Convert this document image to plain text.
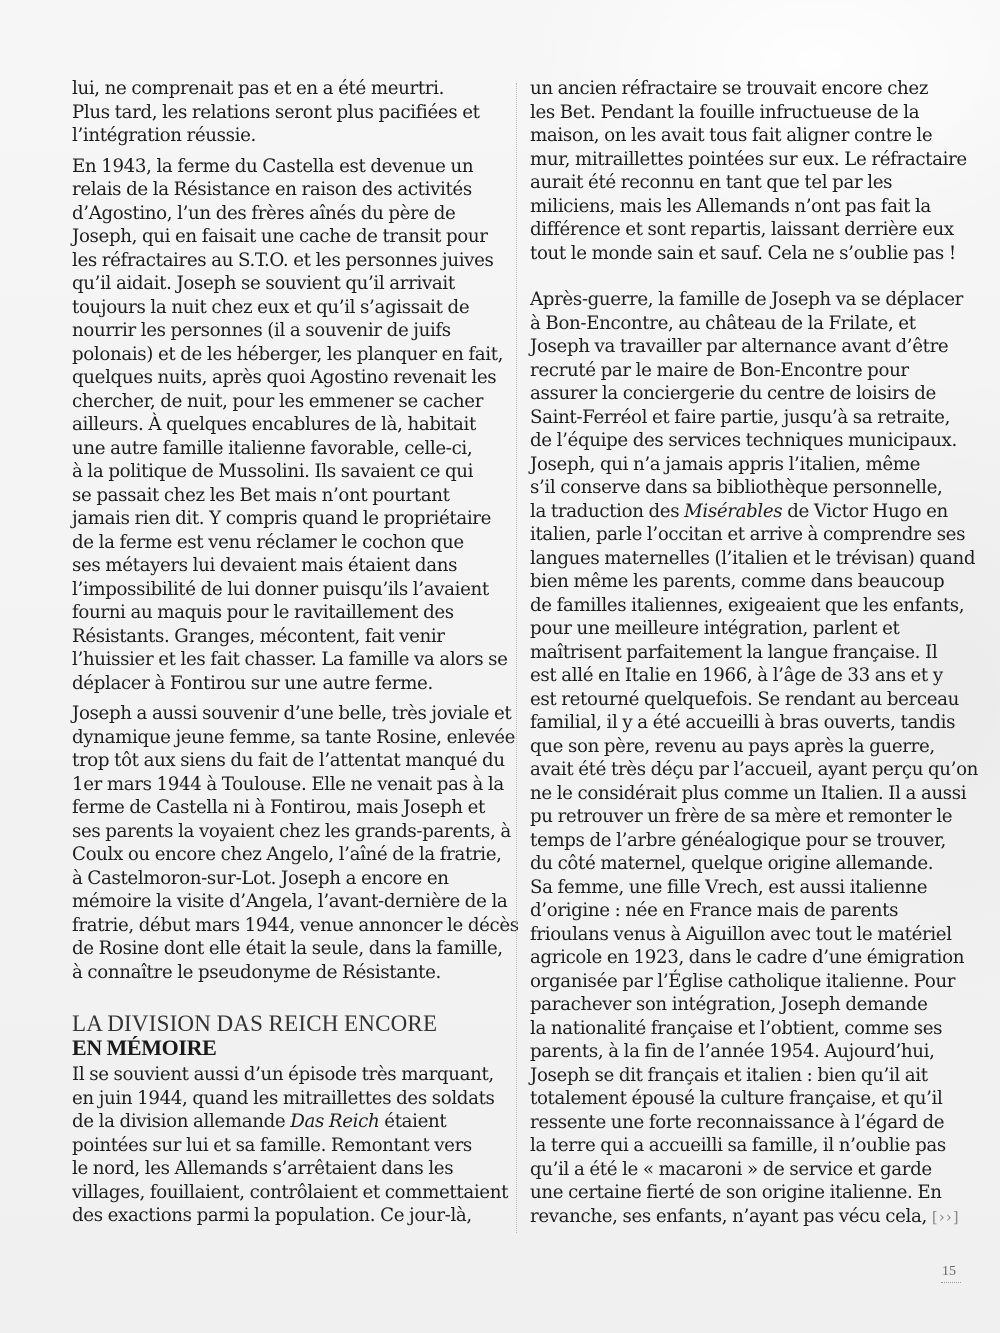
lui, ne comprenait pas et en a été meurtri.
Plus tard, les relations seront plus pacifiées et
l’intégration réussie.
En 1943, la ferme du Castella est devenue un
relais de la Résistance en raison des activités
d’Agostino, l’un des frères aînés du père de
Joseph, qui en faisait une cache de transit pour
les réfractaires au S.T.O. et les personnes juives
qu’il aidait. Joseph se souvient qu’il arrivait
toujours la nuit chez eux et qu’il s’agissait de
nourrir les personnes (il a souvenir de juifs
polonais) et de les héberger, les planquer en fait,
quelques nuits, après quoi Agostino revenait les
chercher, de nuit, pour les emmener se cacher
ailleurs. À quelques encablures de là, habitait
une autre famille italienne favorable, celle-ci,
à la politique de Mussolini. Ils savaient ce qui
se passait chez les Bet mais n’ont pourtant
jamais rien dit. Y compris quand le propriétaire
de la ferme est venu réclamer le cochon que
ses métayers lui devaient mais étaient dans
l’impossibilité de lui donner puisqu’ils l’avaient
fourni au maquis pour le ravitaillement des
Résistants. Granges, mécontent, fait venir
l’huissier et les fait chasser. La famille va alors se
déplacer à Fontirou sur une autre ferme.
Joseph a aussi souvenir d’une belle, très joviale et
dynamique jeune femme, sa tante Rosine, enlevée
trop tôt aux siens du fait de l’attentat manqué du
1er mars 1944 à Toulouse. Elle ne venait pas à la
ferme de Castella ni à Fontirou, mais Joseph et
ses parents la voyaient chez les grands-parents, à
Coulx ou encore chez Angelo, l’aîné de la fratrie,
à Castelmoron-sur-Lot. Joseph a encore en
mémoire la visite d’Angela, l’avant-dernière de la
fratrie, début mars 1944, venue annoncer le décès
de Rosine dont elle était la seule, dans la famille,
à connaître le pseudonyme de Résistante.
LA DIVISION DAS REICH ENCORE
EN MÉMOIRE
Il se souvient aussi d’un épisode très marquant,
en juin 1944, quand les mitraillettes des soldats
de la division allemande Das Reich étaient
pointées sur lui et sa famille. Remontant vers
le nord, les Allemands s’arrêtaient dans les
villages, fouillaient, contrôlaient et commettaient
des exactions parmi la population. Ce jour-là,
un ancien réfractaire se trouvait encore chez
les Bet. Pendant la fouille infructueuse de la
maison, on les avait tous fait aligner contre le
mur, mitraillettes pointées sur eux. Le réfractaire
aurait été reconnu en tant que tel par les
miliciens, mais les Allemands n’ont pas fait la
différence et sont repartis, laissant derrière eux
tout le monde sain et sauf. Cela ne s’oublie pas !
Après-guerre, la famille de Joseph va se déplacer
à Bon-Encontre, au château de la Frilate, et
Joseph va travailler par alternance avant d’être
recruté par le maire de Bon-Encontre pour
assurer la conciergerie du centre de loisirs de
Saint-Ferréol et faire partie, jusqu’à sa retraite,
de l’équipe des services techniques municipaux.
Joseph, qui n’a jamais appris l’italien, même
s’il conserve dans sa bibliothèque personnelle,
la traduction des Misérables de Victor Hugo en
italien, parle l’occitan et arrive à comprendre ses
langues maternelles (l’italien et le trévisan) quand
bien même les parents, comme dans beaucoup
de familles italiennes, exigeaient que les enfants,
pour une meilleure intégration, parlent et
maîtrisent parfaitement la langue française. Il
est allé en Italie en 1966, à l’âge de 33 ans et y
est retourné quelquefois. Se rendant au berceau
familial, il y a été accueilli à bras ouverts, tandis
que son père, revenu au pays après la guerre,
avait été très déçu par l’accueil, ayant perçu qu’on
ne le considérait plus comme un Italien. Il a aussi
pu retrouver un frère de sa mère et remonter le
temps de l’arbre généalogique pour se trouver,
du côté maternel, quelque origine allemande.
Sa femme, une fille Vrech, est aussi italienne
d’origine : née en France mais de parents
frioulans venus à Aiguillon avec tout le matériel
agricole en 1923, dans le cadre d’une émigration
organisée par l’Église catholique italienne. Pour
parachever son intégration, Joseph demande
la nationalité française et l’obtient, comme ses
parents, à la fin de l’année 1954. Aujourd’hui,
Joseph se dit français et italien : bien qu’il ait
totalement épousé la culture française, et qu’il
ressente une forte reconnaissance à l’égard de
la terre qui a accueilli sa famille, il n’oublie pas
qu’il a été le « macaroni » de service et garde
une certaine fierté de son origine italienne. En
revanche, ses enfants, n’ayant pas vécu cela, [››]
15
